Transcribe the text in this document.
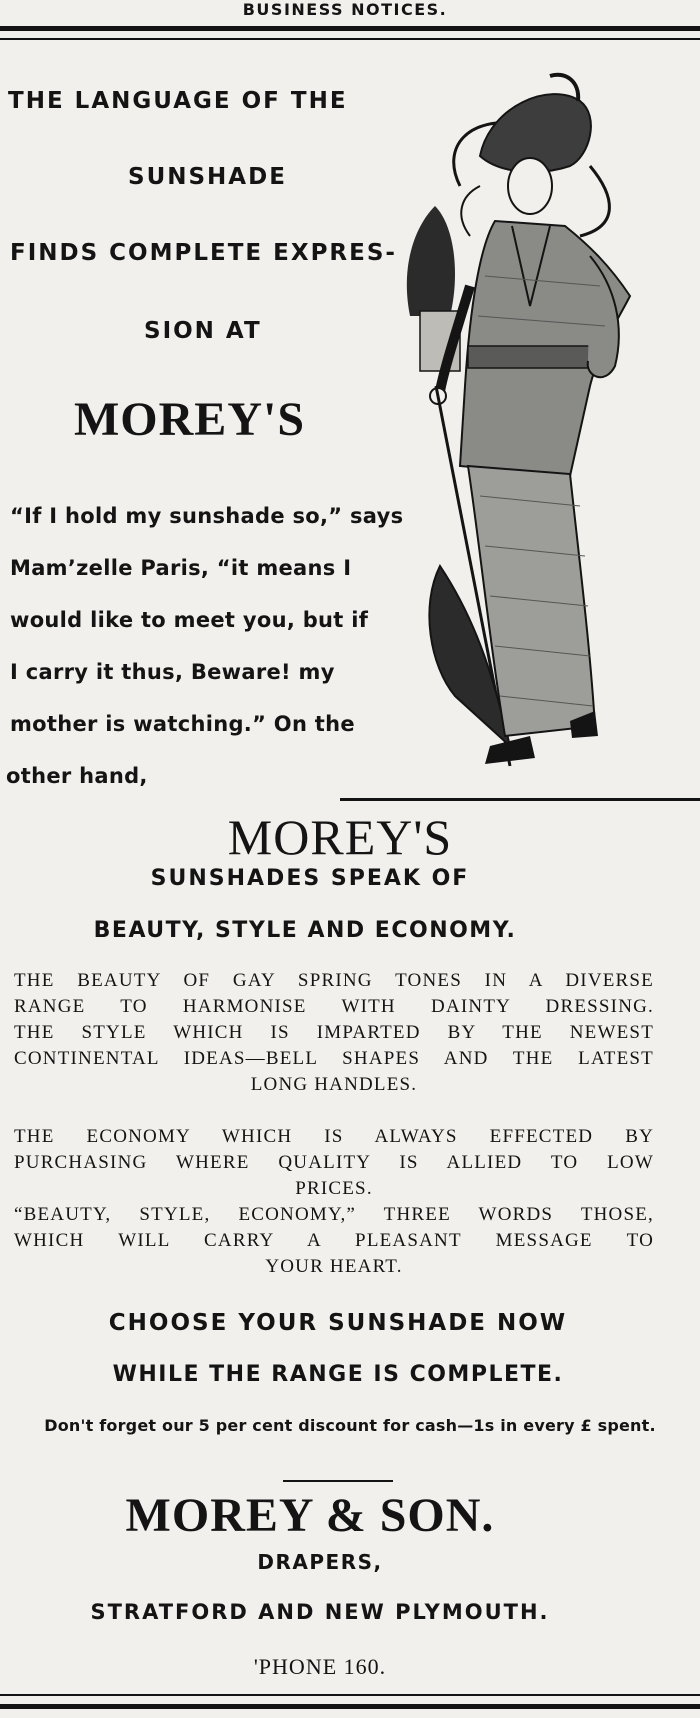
BUSINESS NOTICES.
THE LANGUAGE OF THE
SUNSHADE
FINDS COMPLETE EXPRES-
SION AT
MOREY'S
“If I hold my sunshade so,” says
Mam’zelle Paris, “it means I
would like to meet you, but if
I carry it thus, Beware! my
mother is watching.” On the
other hand,
MOREY'S
SUNSHADES SPEAK OF
BEAUTY, STYLE AND ECONOMY.
THE BEAUTY OF GAY SPRING TONES IN A DIVERSE
RANGE TO HARMONISE WITH DAINTY DRESSING.
THE STYLE WHICH IS IMPARTED BY THE NEWEST
CONTINENTAL IDEAS—BELL SHAPES AND THE LATEST
LONG HANDLES.
THE ECONOMY WHICH IS ALWAYS EFFECTED BY
PURCHASING WHERE QUALITY IS ALLIED TO LOW
PRICES.
“BEAUTY, STYLE, ECONOMY,” THREE WORDS THOSE,
WHICH WILL CARRY A PLEASANT MESSAGE TO
YOUR HEART.
CHOOSE YOUR SUNSHADE NOW
WHILE THE RANGE IS COMPLETE.
Don't forget our 5 per cent discount for cash—1s in every £ spent.
MOREY & SON.
DRAPERS,
STRATFORD AND NEW PLYMOUTH.
'PHONE 160.
